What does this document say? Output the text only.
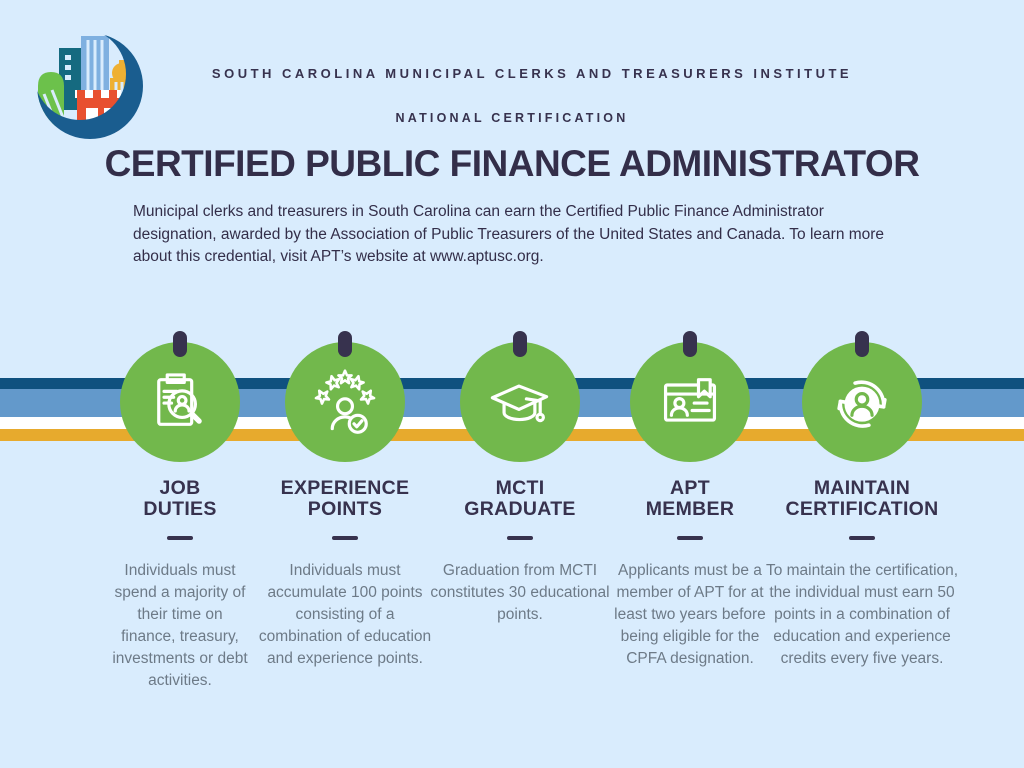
SOUTH CAROLINA MUNICIPAL CLERKS AND TREASURERS INSTITUTE
NATIONAL CERTIFICATION
CERTIFIED PUBLIC FINANCE ADMINISTRATOR

Municipal clerks and treasurers in South Carolina can earn the Certified Public Finance Administrator designation, awarded by the Association of Public Treasurers of the United States and Canada. To learn more about this credential, visit APT’s website at www.aptusc.org.

JOB
DUTIES

Individuals must spend a majority of their time on finance, treasury, investments or debt activities.

EXPERIENCE
POINTS

Individuals must accumulate 100 points consisting of a combination of education and experience points.

MCTI
GRADUATE

Graduation from MCTI constitutes 30 educational points.

APT
MEMBER

Applicants must be a member of APT for at least two years before being eligible for the CPFA designation.

MAINTAIN
CERTIFICATION

To maintain the certification, the individual must earn 50 points in a combination of education and experience credits every five years.
